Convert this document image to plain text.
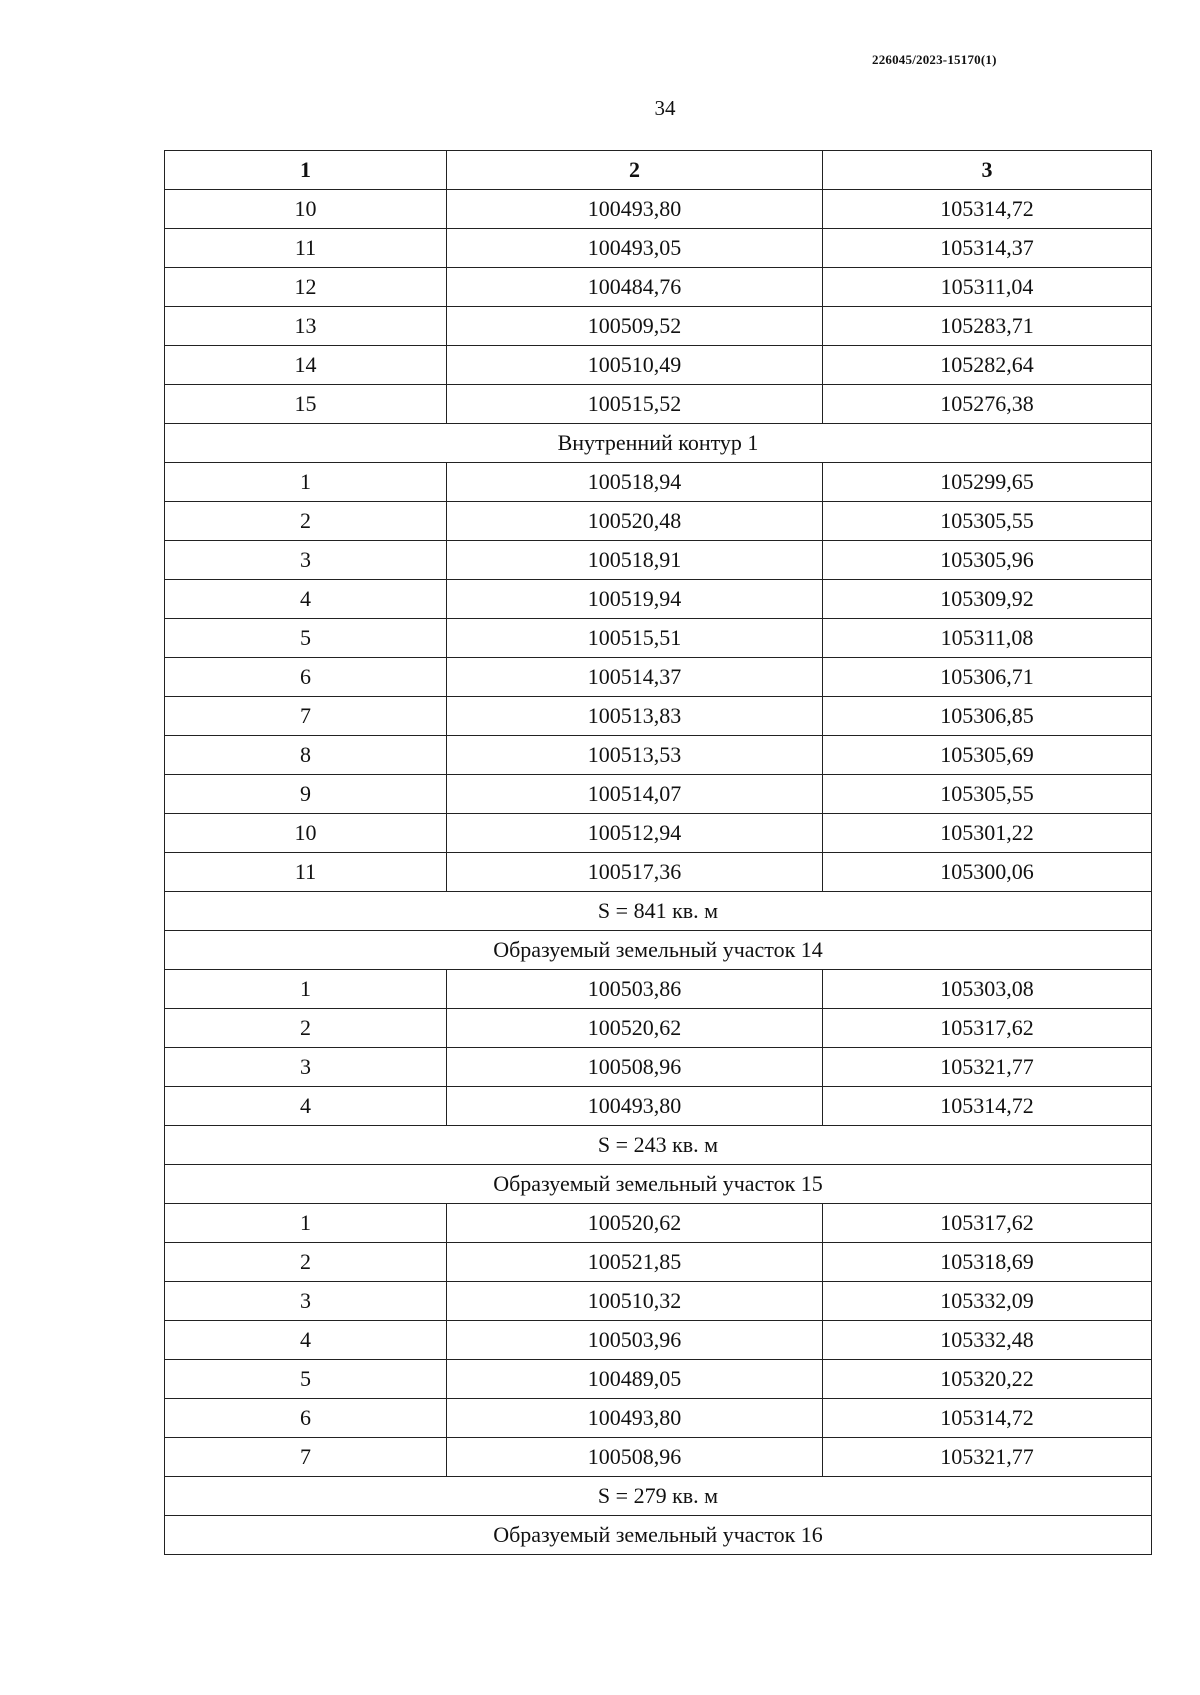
226045/2023-15170(1)
34
1	2	3
10	100493,80	105314,72
11	100493,05	105314,37
12	100484,76	105311,04
13	100509,52	105283,71
14	100510,49	105282,64
15	100515,52	105276,38
Внутренний контур 1		
1	100518,94	105299,65
2	100520,48	105305,55
3	100518,91	105305,96
4	100519,94	105309,92
5	100515,51	105311,08
6	100514,37	105306,71
7	100513,83	105306,85
8	100513,53	105305,69
9	100514,07	105305,55
10	100512,94	105301,22
11	100517,36	105300,06
S = 841 кв. м		
Образуемый земельный участок 14		
1	100503,86	105303,08
2	100520,62	105317,62
3	100508,96	105321,77
4	100493,80	105314,72
S = 243 кв. м		
Образуемый земельный участок 15		
1	100520,62	105317,62
2	100521,85	105318,69
3	100510,32	105332,09
4	100503,96	105332,48
5	100489,05	105320,22
6	100493,80	105314,72
7	100508,96	105321,77
S = 279 кв. м		
Образуемый земельный участок 16		
